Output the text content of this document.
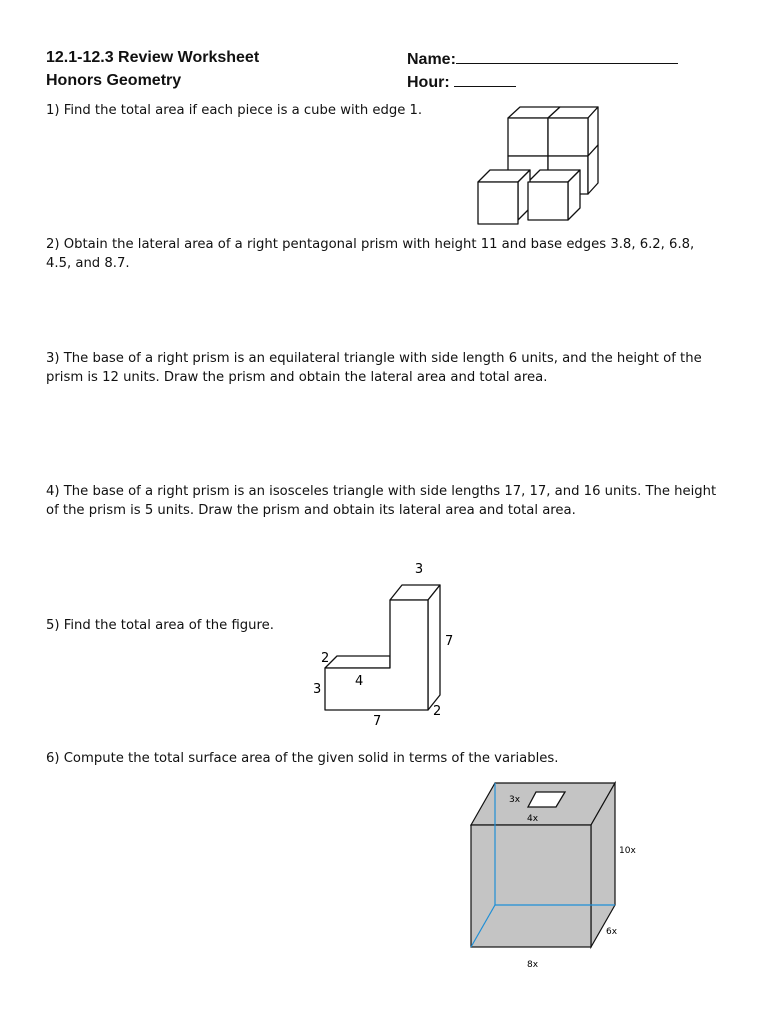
12.1-12.3 Review Worksheet
Honors Geometry
Name:
Hour:
1) Find the total area if each piece is a cube with edge 1.
2) Obtain the lateral area of a right pentagonal prism with height 11 and base edges 3.8, 6.2, 6.8, 4.5, and 8.7.
3) The base of a right prism is an equilateral triangle with side length 6 units, and the height of the prism is 12 units. Draw the prism and obtain the lateral area and total area.
4) The base of a right prism is an isosceles triangle with side lengths 17, 17, and 16 units. The height of the prism is 5 units. Draw the prism and obtain its lateral area and total area.
5) Find the total area of the figure.
6) Compute the total surface area of the given solid in terms of the variables.
3
7
2
3
4
7
2
3x
4x
10x
6x
8x
